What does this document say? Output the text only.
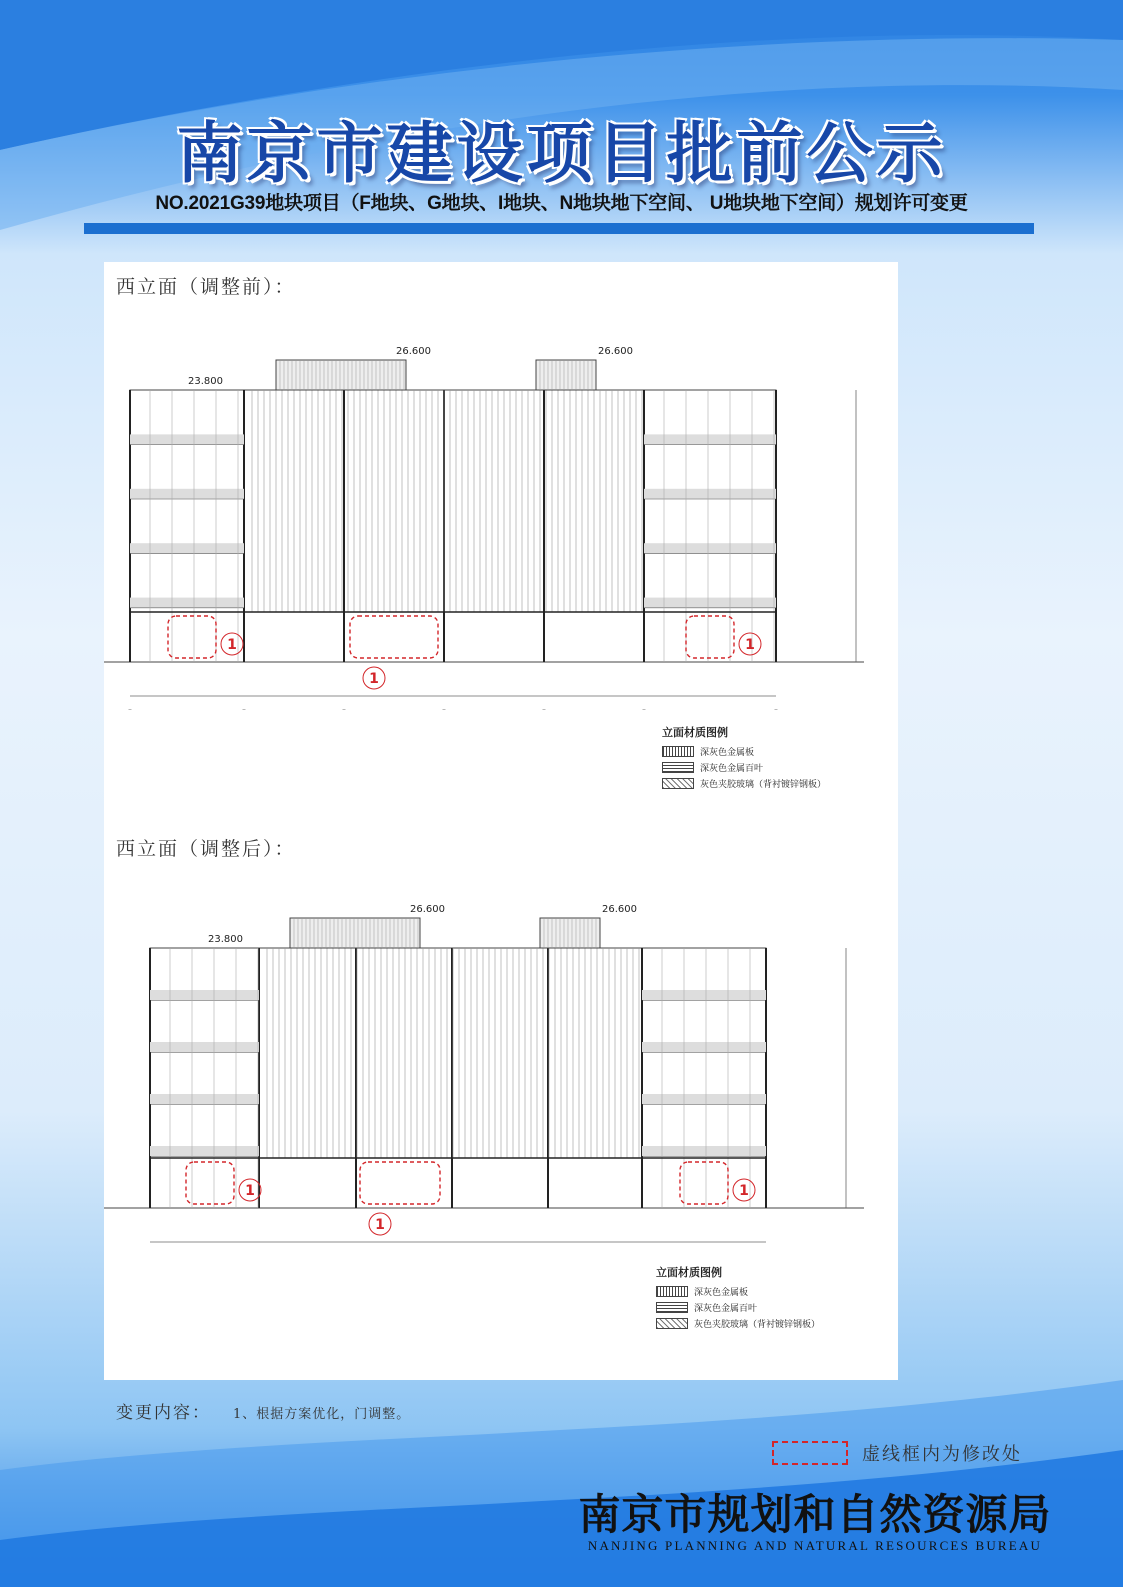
南京市建设项目批前公示
NO.2021G39地块项目（F地块、G地块、I地块、N地块地下空间、 U地块地下空间）规划许可变更
西立面（调整前）：
26.600	26.600
23.800
1
1
1
立面材质图例
深灰色金属板
深灰色金属百叶
灰色夹胶玻璃（背衬镀锌钢板）
西立面（调整后）：
26.600	26.600
23.800
1
1
1
立面材质图例
深灰色金属板
深灰色金属百叶
灰色夹胶玻璃（背衬镀锌钢板）
变更内容： 1、根据方案优化，门调整。
虚线框内为修改处
南京市规划和自然资源局
NANJING PLANNING AND NATURAL RESOURCES BUREAU
